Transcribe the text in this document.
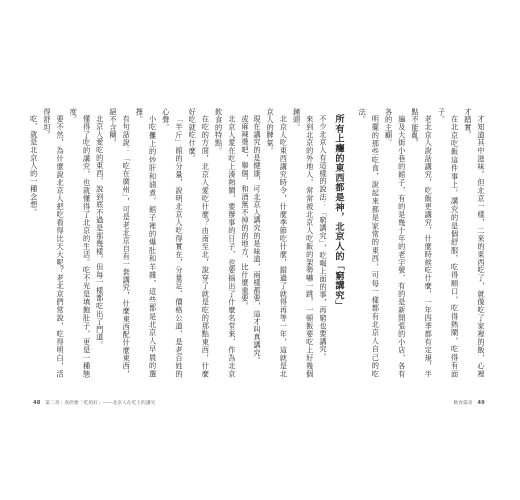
或麻辣燙吧，舉個，和酒無不掉的的地方，比什麼重要。

北京人愛在吃上湊熱鬧，要辦事的日子，也要搞出了什麼名堂來，作為北京飲食的特點。

在吃的方面，北京人愛吃什麼？由南至北，說穿了就是吃的那點東西，什麼好吃就吃什麼。

「半斤」館的分量，說明北京人吃得實在，分量足、價格公道，是老百姓的心聲。

小吃攤上的炒肝和滷煮，館子裡的爆肚和羊雜，這些都是北京人早晨的選擇。

有句話說：「吃在廣州」，可是老北京自有一套講究，什麼東西配什麼東西，絕不含糊。

北京人愛吃的東西，說到底不過是那幾樣，但每一樣都吃出了門道。

懂得了吃的講究，也就懂得了北京的生活。吃不光是填飽肚子，更是一種態度。

要不然，為什麼說北京人把吃看得比天大呢？老北京們常說，吃得明白，活得舒坦。

吃，就是北京人的一種念想。

48 第二章｜真的要「吃的好」——北京人在吃上的講究

才知道其中滋味。但北京一樣，二來的東西吃了，就像吃了家裡的飯，心裡才踏實。

在北京吃飯這件事上，講究的是個舒服，吃得順口，吃得熱鬧，吃得有面子。

老北京人說話講究，吃飯更講究，什麼時候吃什麼，一年四季都有定規，半點不能亂。

遍及大街小巷的館子，有的是幾十年的老字號，有的是新開張的小店，各有各的主顧。

明擺的那些吃食，說起來都是家常的東西，可每一樣都有北京人自己的吃法。

所有上癮的東西都是神，北京人的「窮講究」

不少北京人有這樣的說法：「窮講究」，吃喝上面的事，再窮也要講究。

來到北京的外地人，常常被北京人吃飯的架勢嚇一跳，一頓飯要吃上好幾個鐘頭。

北京人吃東西講究時令，什麼季節吃什麼，錯過了就得再等一年，這就是北京人的脾氣。

現在講究的是健康，可北京人講究的是味道，兩樣都要，這才叫真講究。

飲食篇章 49
